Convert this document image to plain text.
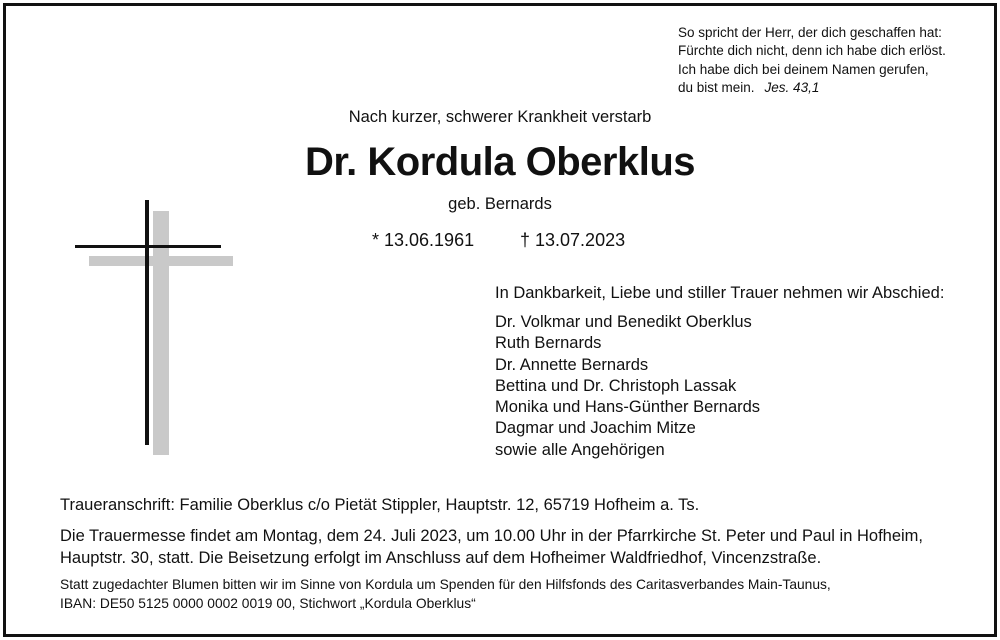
So spricht der Herr, der dich geschaffen hat:
Fürchte dich nicht, denn ich habe dich erlöst.
Ich habe dich bei deinem Namen gerufen,
du bist mein. Jes. 43,1
Nach kurzer, schwerer Krankheit verstarb
Dr. Kordula Oberklus
geb. Bernards
* 13.06.1961	† 13.07.2023
In Dankbarkeit, Liebe und stiller Trauer nehmen wir Abschied:
Dr. Volkmar und Benedikt Oberklus
Ruth Bernards
Dr. Annette Bernards
Bettina und Dr. Christoph Lassak
Monika und Hans-Günther Bernards
Dagmar und Joachim Mitze
sowie alle Angehörigen
Traueranschrift: Familie Oberklus c/o Pietät Stippler, Hauptstr. 12, 65719 Hofheim a. Ts.
Die Trauermesse findet am Montag, dem 24. Juli 2023, um 10.00 Uhr in der Pfarrkirche St. Peter und Paul in Hofheim,
Hauptstr. 30, statt. Die Beisetzung erfolgt im Anschluss auf dem Hofheimer Waldfriedhof, Vincenzstraße.
Statt zugedachter Blumen bitten wir im Sinne von Kordula um Spenden für den Hilfsfonds des Caritasverbandes Main-Taunus,
IBAN: DE50 5125 0000 0002 0019 00, Stichwort „Kordula Oberklus“
